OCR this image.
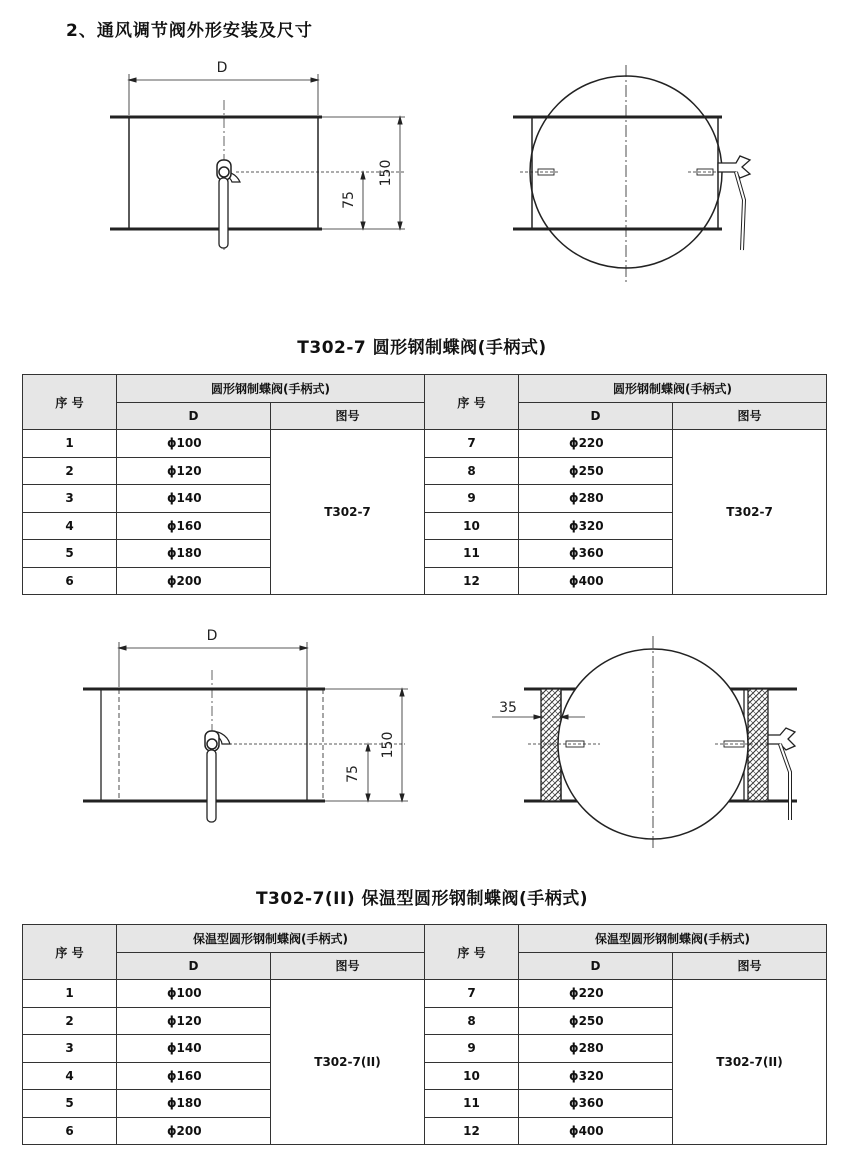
2、通风调节阀外形安装及尺寸
D
150
75
T302-7 圆形钢制蝶阀(手柄式)
序 号	圆形钢制蝶阀(手柄式)		序 号	圆形钢制蝶阀(手柄式)	
	D	图号		D	图号
1	ϕ100	T302-7	7	ϕ220	T302-7
2	ϕ120		8	ϕ250	
3	ϕ140		9	ϕ280	
4	ϕ160		10	ϕ320	
5	ϕ180		11	ϕ360	
6	ϕ200		12	ϕ400	
D
150
75
35
T302-7(II) 保温型圆形钢制蝶阀(手柄式)
序 号	保温型圆形钢制蝶阀(手柄式)		序 号	保温型圆形钢制蝶阀(手柄式)	
	D	图号		D	图号
1	ϕ100	T302-7(II)	7	ϕ220	T302-7(II)
2	ϕ120		8	ϕ250	
3	ϕ140		9	ϕ280	
4	ϕ160		10	ϕ320	
5	ϕ180		11	ϕ360	
6	ϕ200		12	ϕ400	
